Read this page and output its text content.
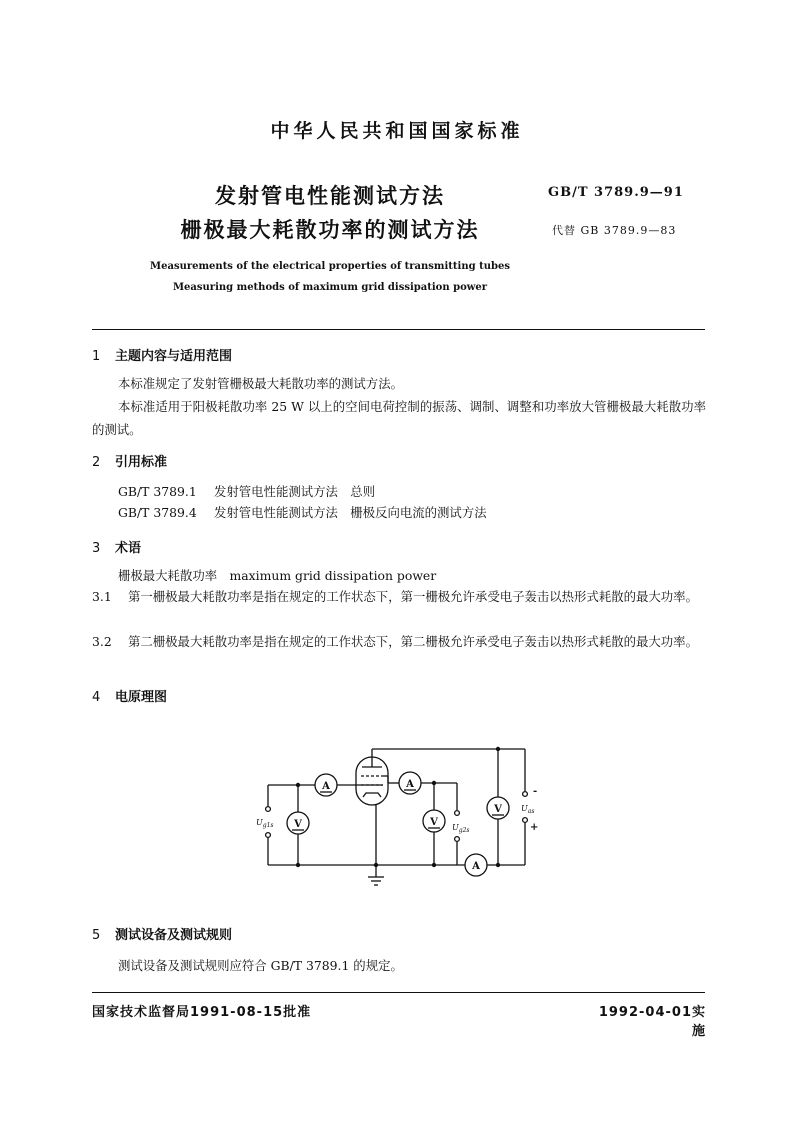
中华人民共和国国家标准
发射管电性能测试方法
栅极最大耗散功率的测试方法
GB/T 3789.9—91
代替 GB 3789.9—83
Measurements of the electrical properties of transmitting tubes
Measuring methods of maximum grid dissipation power
1 主题内容与适用范围
本标准规定了发射管栅极最大耗散功率的测试方法。
本标准适用于阳极耗散功率 25 W 以上的空间电荷控制的振荡、调制、调整和功率放大管栅极最大耗散功率的测试。
2 引用标准
GB/T 3789.1 发射管电性能测试方法　总则
GB/T 3789.4 发射管电性能测试方法　栅极反向电流的测试方法
3 术语
栅极最大耗散功率　maximum grid dissipation power
3.1 第一栅极最大耗散功率是指在规定的工作状态下，第一栅极允许承受电子轰击以热形式耗散的最大功率。
3.2 第二栅极最大耗散功率是指在规定的工作状态下，第二栅极允许承受电子轰击以热形式耗散的最大功率。
4 电原理图
V
-
+
$U_{as}$
A
V
$U_{g1s}$
A
V $U_{g2s}$
A
5 测试设备及测试规则
测试设备及测试规则应符合 GB/T 3789.1 的规定。
国家技术监督局1991-08-15批准	1992-04-01实施
